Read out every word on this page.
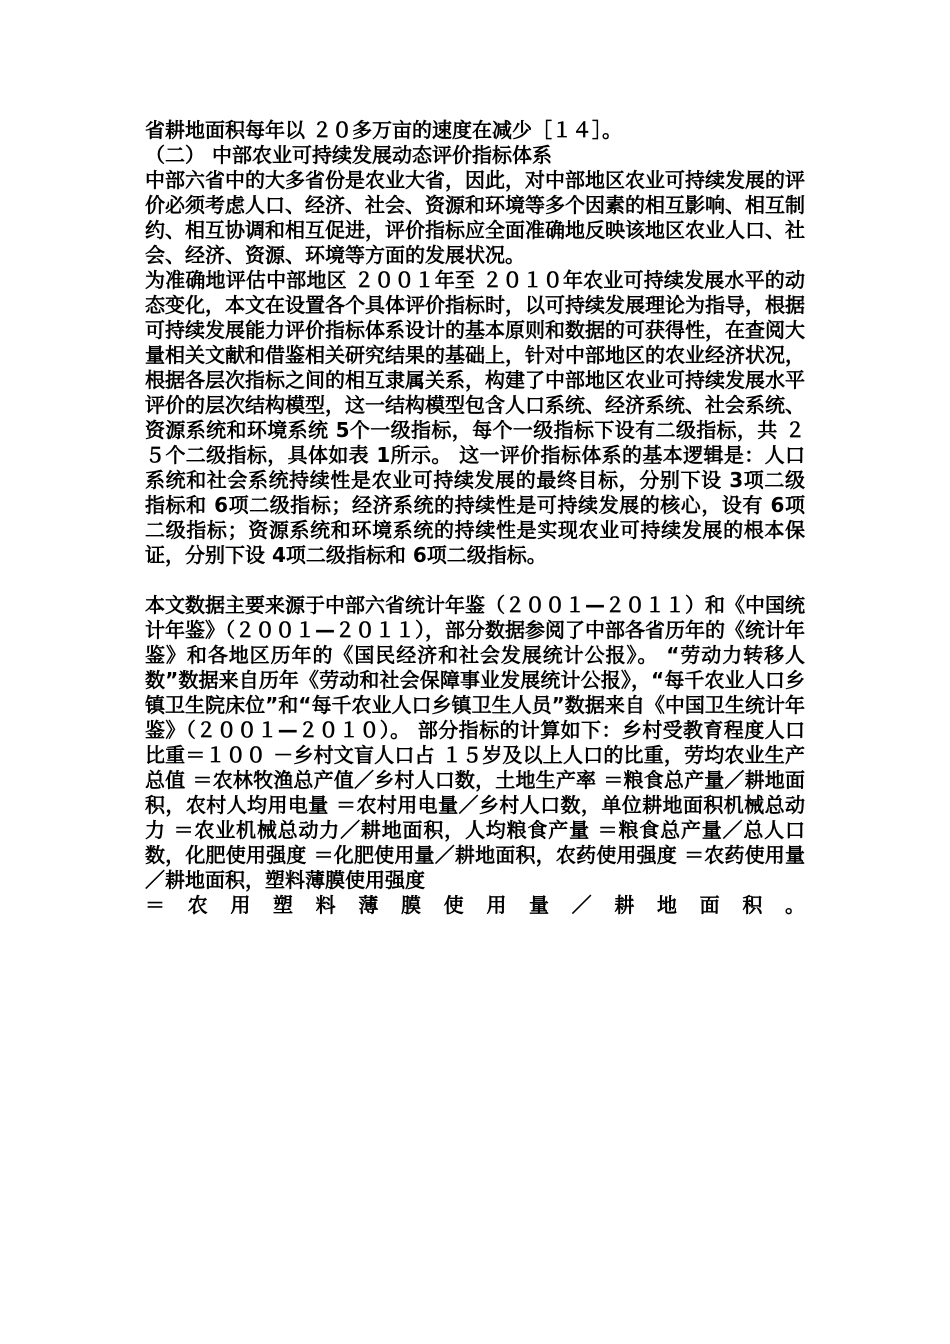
省耕地面积每年以 ２０多万亩的速度在减少［１４］。

（二） 中部农业可持续发展动态评价指标体系

中部六省中的大多省份是农业大省，因此，对中部地区农业可持续发展的评价必须考虑人口、经济、社会、资源和环境等多个因素的相互影响、相互制约、相互协调和相互促进，评价指标应全面准确地反映该地区农业人口、社会、经济、资源、环境等方面的发展状况。

为准确地评估中部地区 ２００１年至 ２０１０年农业可持续发展水平的动态变化，本文在设置各个具体评价指标时，以可持续发展理论为指导，根据可持续发展能力评价指标体系设计的基本原则和数据的可获得性，在查阅大量相关文献和借鉴相关研究结果的基础上，针对中部地区的农业经济状况，根据各层次指标之间的相互隶属关系，构建了中部地区农业可持续发展水平评价的层次结构模型，这一结构模型包含人口系统、经济系统、社会系统、资源系统和环境系统 5个一级指标，每个一级指标下设有二级指标，共 ２５个二级指标，具体如表 1所示。 这一评价指标体系的基本逻辑是：人口系统和社会系统持续性是农业可持续发展的最终目标，分别下设 3项二级指标和 6项二级指标；经济系统的持续性是可持续发展的核心，设有 6项二级指标；资源系统和环境系统的持续性是实现农业可持续发展的根本保证，分别下设 4项二级指标和 6项二级指标。

本文数据主要来源于中部六省统计年鉴（２００１—２０１１）和《中国统计年鉴》（２００１—２０１１），部分数据参阅了中部各省历年的《统计年鉴》和各地区历年的《国民经济和社会发展统计公报》。 “劳动力转移人数”数据来自历年《劳动和社会保障事业发展统计公报》，“每千农业人口乡镇卫生院床位”和“每千农业人口乡镇卫生人员”数据来自《中国卫生统计年鉴》（２００１—２０１０）。 部分指标的计算如下：乡村受教育程度人口比重＝１００ －乡村文盲人口占 １５岁及以上人口的比重，劳均农业生产总值 ＝农林牧渔总产值／乡村人口数，土地生产率 ＝粮食总产量／耕地面积，农村人均用电量 ＝农村用电量／乡村人口数，单位耕地面积机械总动力 ＝农业机械总动力／耕地面积，人均粮食产量 ＝粮食总产量／总人口数，化肥使用强度 ＝化肥使用量／耕地面积，农药使用强度 ＝农药使用量／耕地面积，塑料薄膜使用强度

＝ 农 用 塑 料 薄 膜 使 用 量 ／ 耕 地 面 积 。
